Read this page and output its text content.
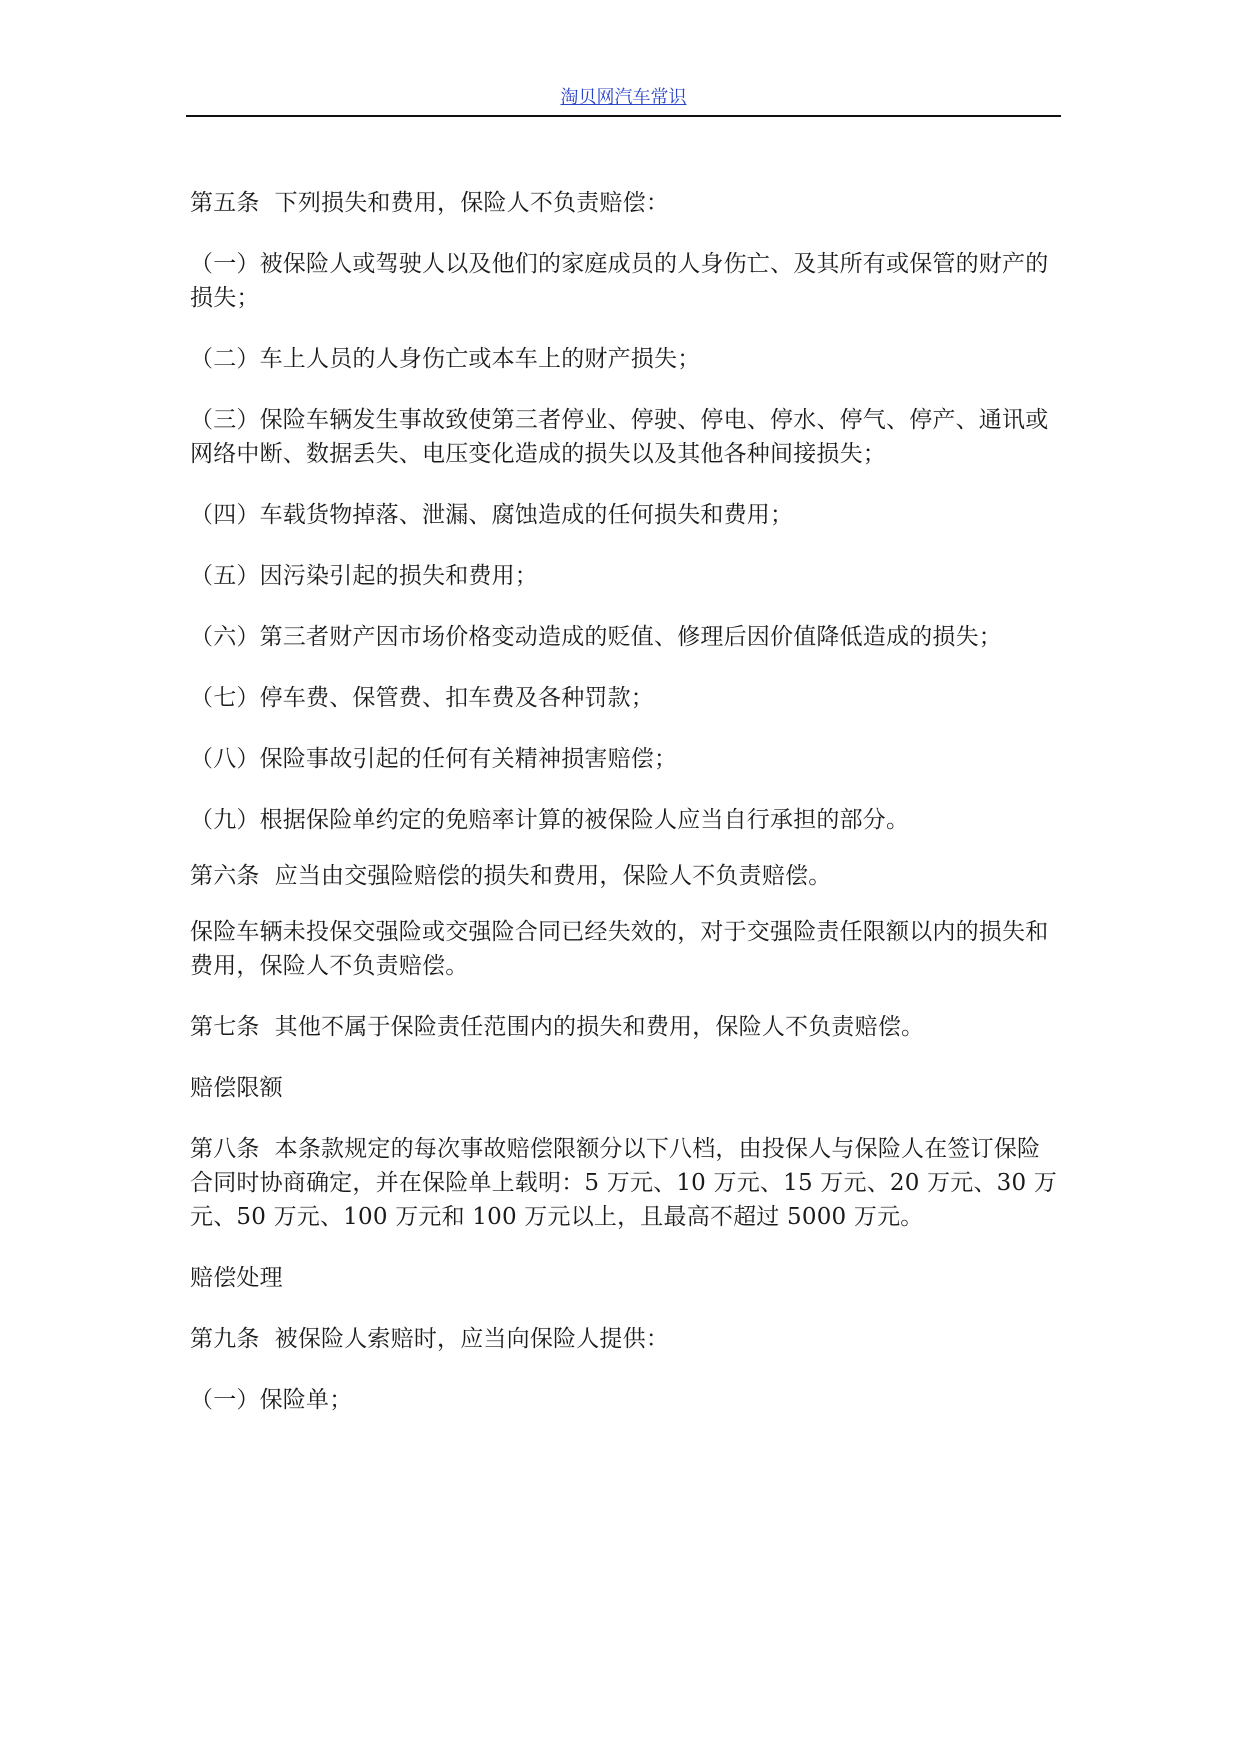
淘贝网汽车常识

第五条  下列损失和费用，保险人不负责赔偿：

（一）被保险人或驾驶人以及他们的家庭成员的人身伤亡、及其所有或保管的财产的损失；

（二）车上人员的人身伤亡或本车上的财产损失；

（三）保险车辆发生事故致使第三者停业、停驶、停电、停水、停气、停产、通讯或网络中断、数据丢失、电压变化造成的损失以及其他各种间接损失；

（四）车载货物掉落、泄漏、腐蚀造成的任何损失和费用；

（五）因污染引起的损失和费用；

（六）第三者财产因市场价格变动造成的贬值、修理后因价值降低造成的损失；

（七）停车费、保管费、扣车费及各种罚款；

（八）保险事故引起的任何有关精神损害赔偿；

（九）根据保险单约定的免赔率计算的被保险人应当自行承担的部分。

第六条  应当由交强险赔偿的损失和费用，保险人不负责赔偿。

保险车辆未投保交强险或交强险合同已经失效的，对于交强险责任限额以内的损失和费用，保险人不负责赔偿。

第七条  其他不属于保险责任范围内的损失和费用，保险人不负责赔偿。

赔偿限额

第八条  本条款规定的每次事故赔偿限额分以下八档，由投保人与保险人在签订保险合同时协商确定，并在保险单上载明：5 万元、10 万元、15 万元、20 万元、30 万元、50 万元、100 万元和 100 万元以上，且最高不超过 5000 万元。

赔偿处理

第九条  被保险人索赔时，应当向保险人提供：

（一）保险单；
